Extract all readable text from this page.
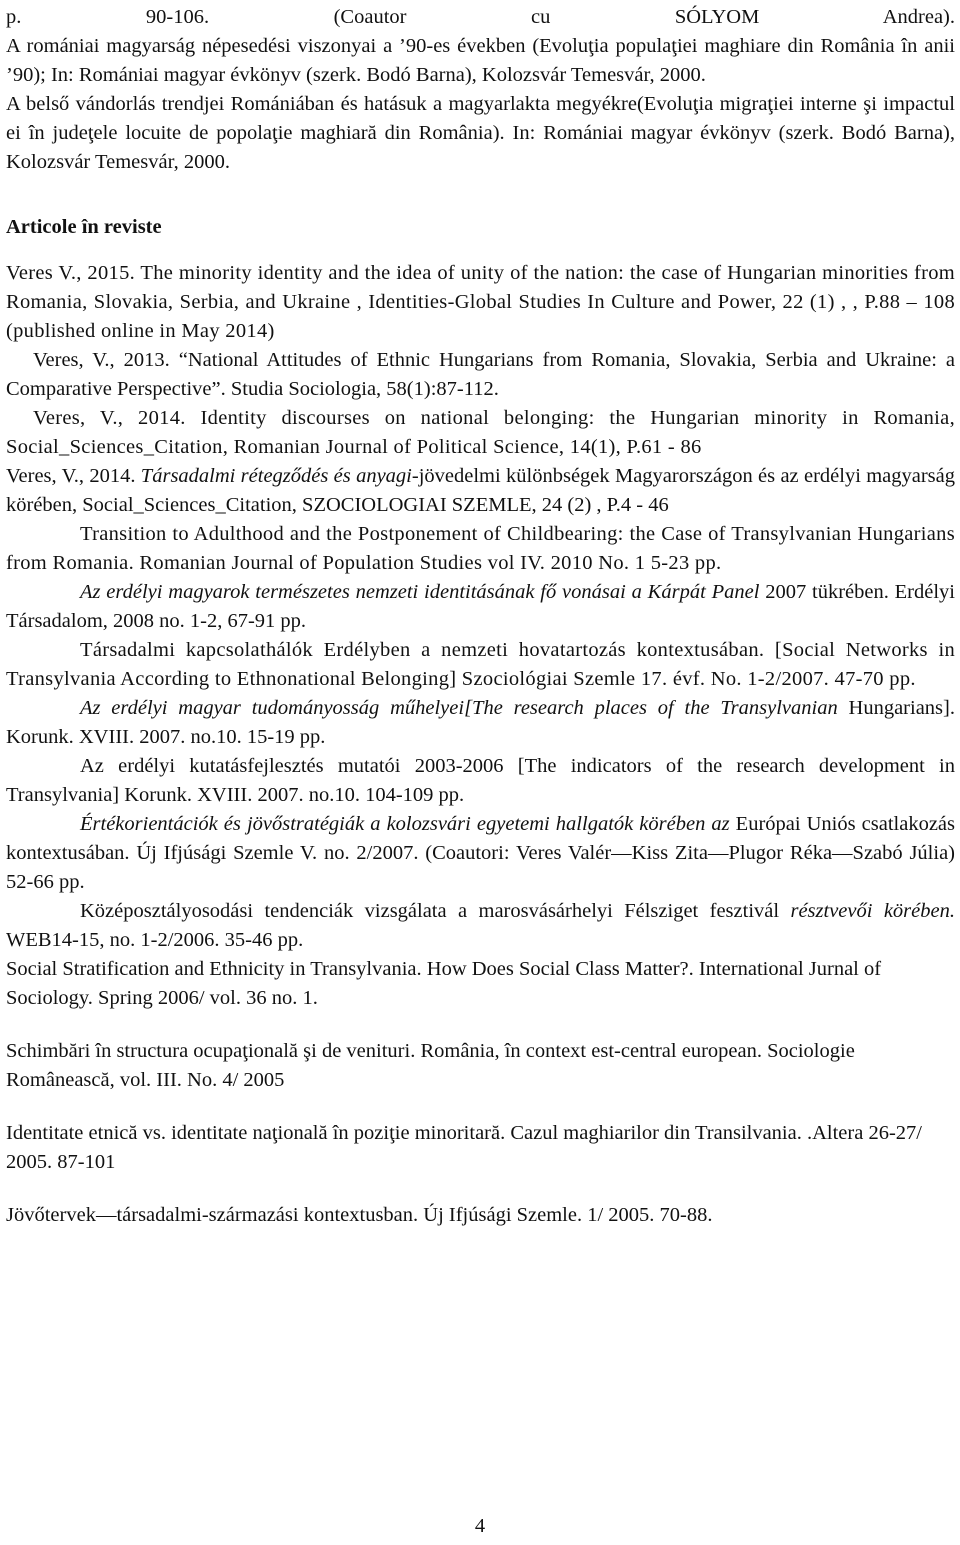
p. 90-106. (Coautor cu SÓLYOM Andrea).

A romániai magyarság népesedési viszonyai a ’90-es években (Evoluţia populaţiei maghiare din România în anii ’90); In: Romániai magyar évkönyv (szerk. Bodó Barna), Kolozsvár Temesvár, 2000.

A belső vándorlás trendjei Romániában és hatásuk a magyarlakta megyékre(Evoluţia migraţiei interne şi impactul ei în judeţele locuite de popolaţie maghiară din România). In: Romániai magyar évkönyv (szerk. Bodó Barna), Kolozsvár Temesvár, 2000.

Articole în reviste

Veres V., 2015. The minority identity and the idea of unity of the nation: the case of Hungarian minorities from Romania, Slovakia, Serbia, and Ukraine , Identities-Global Studies In Culture and Power, 22 (1) , , P.88 – 108 (published online in May 2014)

Veres, V., 2013. “National Attitudes of Ethnic Hungarians from Romania, Slovakia, Serbia and Ukraine: a Comparative Perspective”. Studia Sociologia, 58(1):87-112.

Veres, V., 2014. Identity discourses on national belonging: the Hungarian minority in Romania, Social_Sciences_Citation, Romanian Journal of Political Science, 14(1), P.61 - 86

Veres, V., 2014. Társadalmi rétegződés és anyagi-jövedelmi különbségek Magyarországon és az erdélyi magyarság körében, Social_Sciences_Citation, SZOCIOLOGIAI SZEMLE, 24 (2) , P.4 - 46

Transition to Adulthood and the Postponement of Childbearing: the Case of Transylvanian Hungarians from Romania. Romanian Journal of Population Studies vol IV. 2010 No. 1 5-23 pp.

Az erdélyi magyarok természetes nemzeti identitásának fő vonásai a Kárpát Panel 2007 tükrében. Erdélyi Társadalom, 2008 no. 1-2, 67-91 pp.

Társadalmi kapcsolathálók Erdélyben a nemzeti hovatartozás kontextusában. [Social Networks in Transylvania According to Ethnonational Belonging] Szociológiai Szemle 17. évf. No. 1-2/2007. 47-70 pp.

Az erdélyi magyar tudományosság műhelyei[The research places of the Transylvanian Hungarians]. Korunk. XVIII. 2007. no.10. 15-19 pp.

Az erdélyi kutatásfejlesztés mutatói 2003-2006 [The indicators of the research development in Transylvania] Korunk. XVIII. 2007. no.10. 104-109 pp.

Értékorientációk és jövőstratégiák a kolozsvári egyetemi hallgatók körében az Európai Uniós csatlakozás kontextusában. Új Ifjúsági Szemle V. no. 2/2007. (Coautori: Veres Valér—Kiss Zita—Plugor Réka—Szabó Júlia) 52-66 pp.

Középosztályosodási tendenciák vizsgálata a marosvásárhelyi Félsziget fesztivál résztvevői körében. WEB14-15, no. 1-2/2006. 35-46 pp.

Social Stratification and Ethnicity in Transylvania. How Does Social Class Matter?. International Jurnal of Sociology. Spring 2006/ vol. 36 no. 1.

Schimbări în structura ocupaţională şi de venituri. România, în context est-central european. Sociologie Românească, vol. III. No. 4/ 2005

Identitate etnică vs. identitate naţională în poziţie minoritară. Cazul maghiarilor din Transilvania. .Altera 26-27/ 2005. 87-101

Jövőtervek—társadalmi-származási kontextusban. Új Ifjúsági Szemle. 1/ 2005. 70-88.

4
